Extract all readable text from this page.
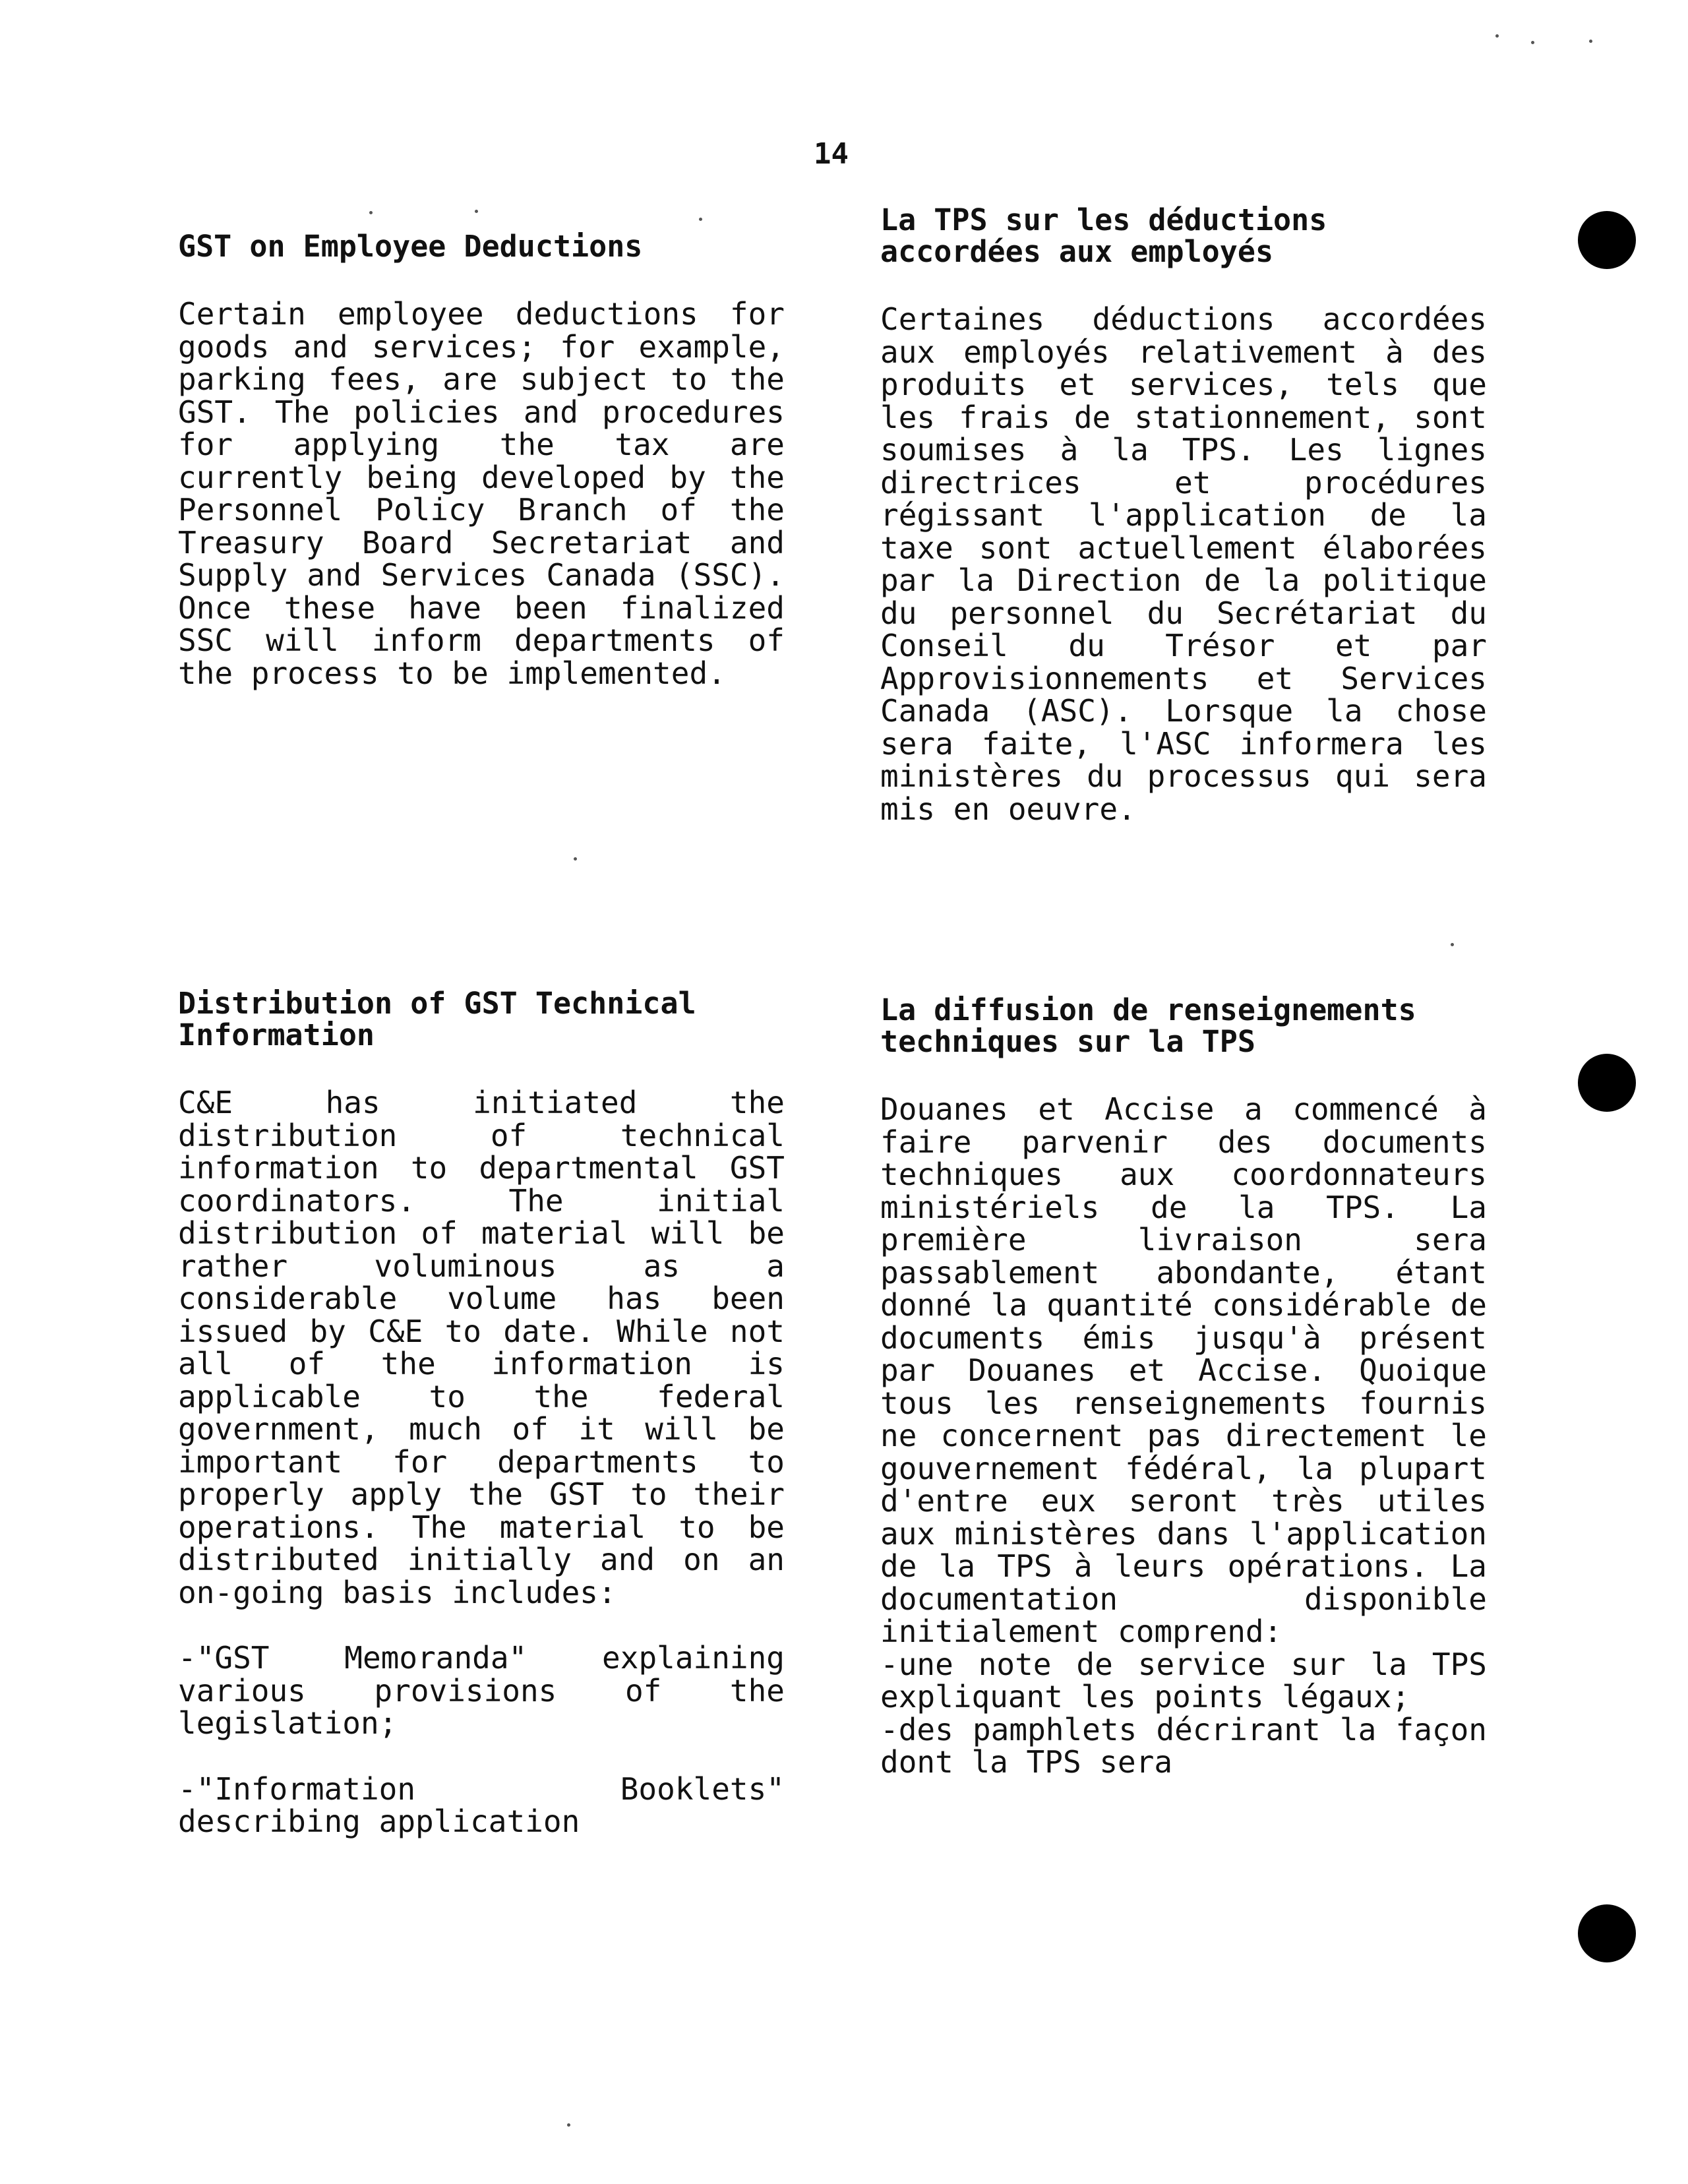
14
GST on Employee Deductions

Certain employee deductions for goods and services; for example, parking fees, are subject to the GST. The policies and procedures for applying the tax are currently being developed by the Personnel Policy Branch of the Treasury Board Secretariat and Supply and Services Canada (SSC). Once these have been finalized SSC will inform departments of the process to be implemented.

Distribution of GST Technical Information

C&E has initiated the distribution of technical information to departmental GST coordinators. The initial distribution of material will be rather voluminous as a considerable volume has been issued by C&E to date. While not all of the information is applicable to the federal government, much of it will be important for departments to properly apply the GST to their operations. The material to be distributed initially and on an on-going basis includes:

-"GST Memoranda" explaining various provisions of the legislation;

-"Information Booklets" describing application

La TPS sur les déductions accordées aux employés

Certaines déductions accordées aux employés relativement à des produits et services, tels que les frais de stationnement, sont soumises à la TPS. Les lignes directrices et procédures régissant l'application de la taxe sont actuellement élaborées par la Direction de la politique du personnel du Secrétariat du Conseil du Trésor et par Approvisionnements et Services Canada (ASC). Lorsque la chose sera faite, l'ASC informera les ministères du processus qui sera mis en oeuvre.

La diffusion de renseignements techniques sur la TPS

Douanes et Accise a commencé à faire parvenir des documents techniques aux coordonnateurs ministériels de la TPS. La première livraison sera passablement abondante, étant donné la quantité considérable de documents émis jusqu'à présent par Douanes et Accise. Quoique tous les renseignements fournis ne concernent pas directement le gouvernement fédéral, la plupart d'entre eux seront très utiles aux ministères dans l'application de la TPS à leurs opérations. La documentation disponible initialement comprend:

-une note de service sur la TPS expliquant les points légaux;

-des pamphlets décrirant la façon dont la TPS sera
